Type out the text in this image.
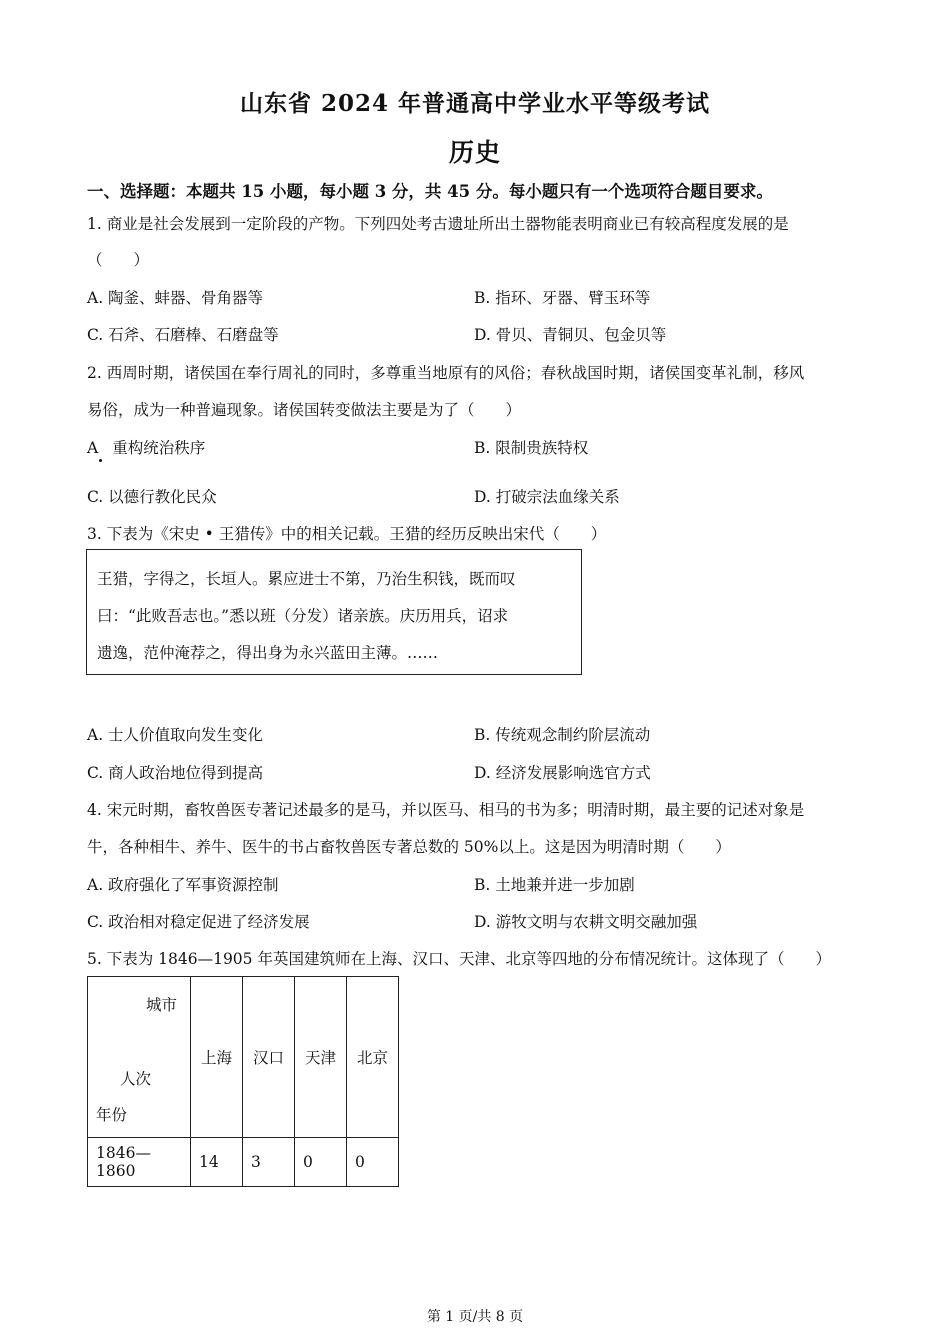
山东省 2024 年普通高中学业水平等级考试
历史
一、选择题：本题共 15 小题，每小题 3 分，共 45 分。每小题只有一个选项符合题目要求。
1. 商业是社会发展到一定阶段的产物。下列四处考古遗址所出土器物能表明商业已有较高程度发展的是
（　　）
A. 陶釜、蚌器、骨角器等	B. 指环、牙器、臂玉环等
C. 石斧、石磨棒、石磨盘等	D. 骨贝、青铜贝、包金贝等
2. 西周时期，诸侯国在奉行周礼的同时，多尊重当地原有的风俗；春秋战国时期，诸侯国变革礼制，移风
易俗，成为一种普遍现象。诸侯国转变做法主要是为了（　　）
A 重构统治秩序	B. 限制贵族特权
C. 以德行教化民众	D. 打破宗法血缘关系
3. 下表为《宋史 • 王猎传》中的相关记载。王猎的经历反映出宋代（　　）
王猎，字得之，长垣人。累应进士不第，乃治生积钱，既而叹
曰：“此败吾志也。”悉以班（分发）诸亲族。庆历用兵，诏求
遗逸，范仲淹荐之，得出身为永兴蓝田主薄。……
A. 士人价值取向发生变化	B. 传统观念制约阶层流动
C. 商人政治地位得到提高	D. 经济发展影响选官方式
4. 宋元时期，畜牧兽医专著记述最多的是马，并以医马、相马的书为多；明清时期，最主要的记述对象是
牛，各种相牛、养牛、医牛的书占畜牧兽医专著总数的 50%以上。这是因为明清时期（　　）
A. 政府强化了军事资源控制	B. 土地兼并进一步加剧
C. 政治相对稳定促进了经济发展	D. 游牧文明与农耕文明交融加强
5. 下表为 1846—1905 年英国建筑师在上海、汉口、天津、北京等四地的分布情况统计。这体现了（　　）
城市
人次
年份	上海	汉口	天津	北京
1846—1860	14	3	0	0
第 1 页/共 8 页
